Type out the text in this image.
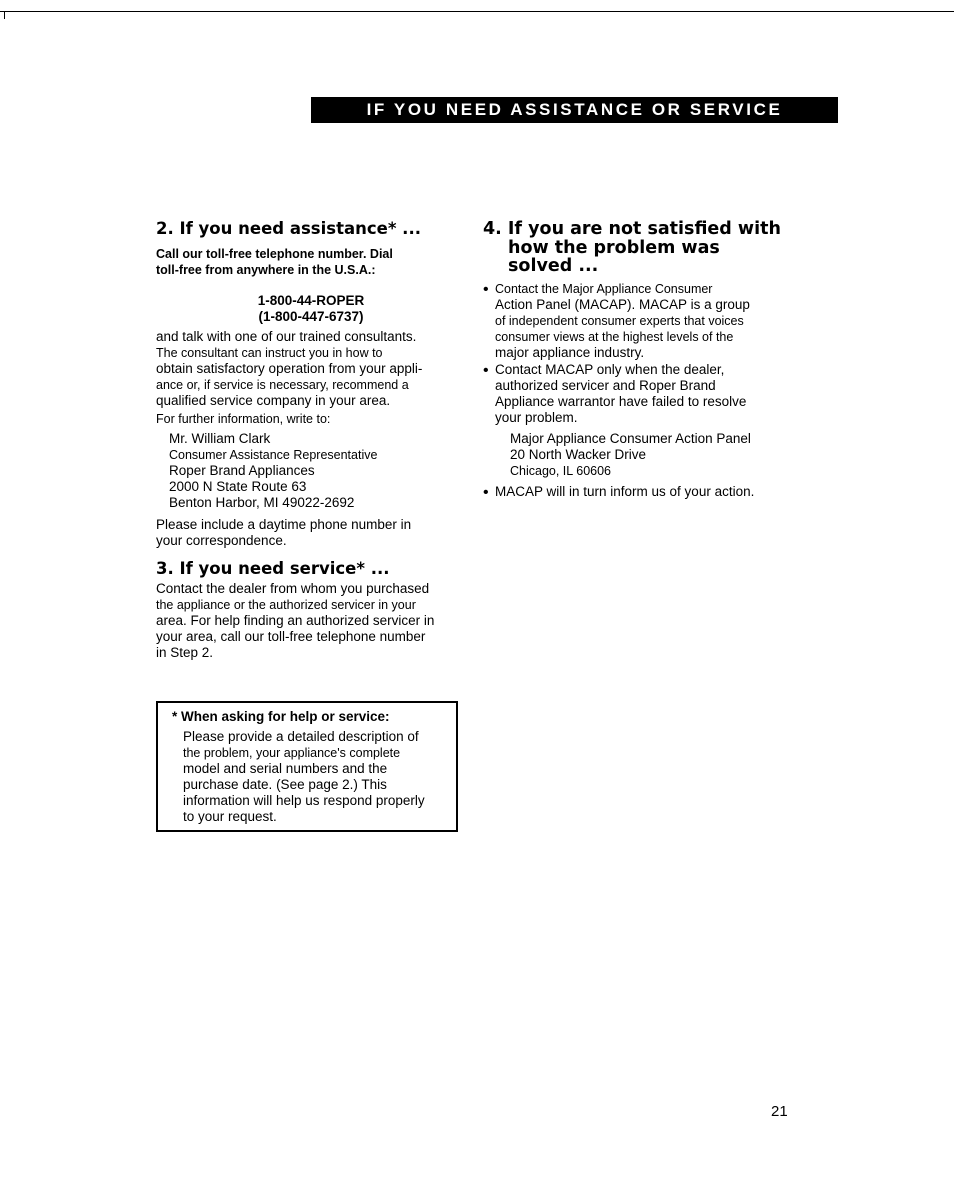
IF YOU NEED ASSISTANCE OR SERVICE
2. If you need assistance* ...

Call our toll-free telephone number. Dial

toll-free from anywhere in the U.S.A.:

1-800-44-ROPER
(1-800-447-6737)

and talk with one of our trained consultants.

The consultant can instruct you in how to

obtain satisfactory operation from your appli-

ance or, if service is necessary, recommend a

qualified service company in your area.

For further information, write to:

Mr. William Clark

Consumer Assistance Representative

Roper Brand Appliances

2000 N State Route 63

Benton Harbor, MI 49022-2692

Please include a daytime phone number in

your correspondence.

3. If you need service* ...

Contact the dealer from whom you purchased

the appliance or the authorized servicer in your

area. For help finding an authorized servicer in

your area, call our toll-free telephone number

in Step 2.

* When asking for help or service:

Please provide a detailed description of

the problem, your appliance's complete

model and serial numbers and the

purchase date. (See page 2.) This

information will help us respond properly

to your request.

4. If you are not satisfied with
how the problem was
solved ...

• Contact the Major Appliance Consumer

Action Panel (MACAP). MACAP is a group

of independent consumer experts that voices

consumer views at the highest levels of the

major appliance industry.

• Contact MACAP only when the dealer,

authorized servicer and Roper Brand

Appliance warrantor have failed to resolve

your problem.

Major Appliance Consumer Action Panel

20 North Wacker Drive

Chicago, IL 60606

• MACAP will in turn inform us of your action.

21
